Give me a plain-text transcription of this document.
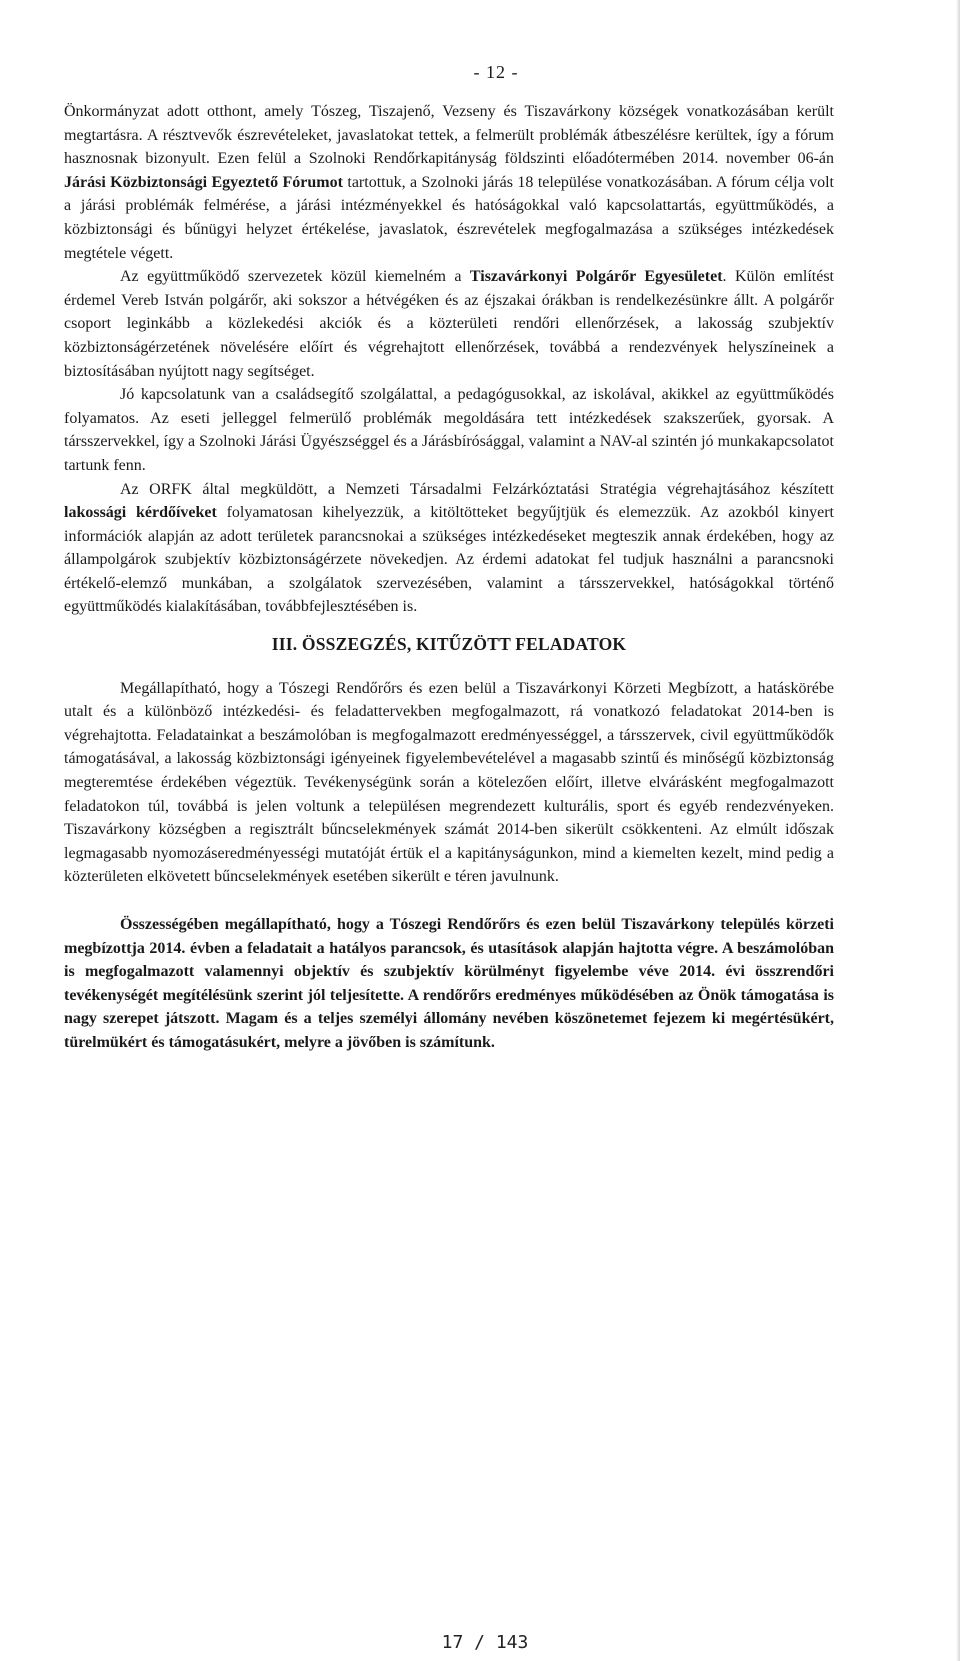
- 12 -

Önkormányzat adott otthont, amely Tószeg, Tiszajenő, Vezseny és Tiszavárkony községek vonatkozásában került megtartásra. A résztvevők észrevételeket, javaslatokat tettek, a felmerült problémák átbeszélésre kerültek, így a fórum hasznosnak bizonyult. Ezen felül a Szolnoki Rendőrkapitányság földszinti előadótermében 2014. november 06-án Járási Közbiztonsági Egyeztető Fórumot tartottuk, a Szolnoki járás 18 települése vonatkozásában. A fórum célja volt a járási problémák felmérése, a járási intézményekkel és hatóságokkal való kapcsolattartás, együttműködés, a közbiztonsági és bűnügyi helyzet értékelése, javaslatok, észrevételek megfogalmazása a szükséges intézkedések megtétele végett.

Az együttműködő szervezetek közül kiemelném a Tiszavárkonyi Polgárőr Egyesületet. Külön említést érdemel Vereb István polgárőr, aki sokszor a hétvégéken és az éjszakai órákban is rendelkezésünkre állt. A polgárőr csoport leginkább a közlekedési akciók és a közterületi rendőri ellenőrzések, a lakosság szubjektív közbiztonságérzetének növelésére előírt és végrehajtott ellenőrzések, továbbá a rendezvények helyszíneinek a biztosításában nyújtott nagy segítséget.

Jó kapcsolatunk van a családsegítő szolgálattal, a pedagógusokkal, az iskolával, akikkel az együttműködés folyamatos. Az eseti jelleggel felmerülő problémák megoldására tett intézkedések szakszerűek, gyorsak. A társszervekkel, így a Szolnoki Járási Ügyészséggel és a Járásbírósággal, valamint a NAV-al szintén jó munkakapcsolatot tartunk fenn.

Az ORFK által megküldött, a Nemzeti Társadalmi Felzárkóztatási Stratégia végrehajtásához készített lakossági kérdőíveket folyamatosan kihelyezzük, a kitöltötteket begyűjtjük és elemezzük. Az azokból kinyert információk alapján az adott területek parancsnokai a szükséges intézkedéseket megteszik annak érdekében, hogy az állampolgárok szubjektív közbiztonságérzete növekedjen. Az érdemi adatokat fel tudjuk használni a parancsnoki értékelő-elemző munkában, a szolgálatok szervezésében, valamint a társszervekkel, hatóságokkal történő együttműködés kialakításában, továbbfejlesztésében is.

III. ÖSSZEGZÉS, KITŰZÖTT FELADATOK

Megállapítható, hogy a Tószegi Rendőrőrs és ezen belül a Tiszavárkonyi Körzeti Megbízott, a hatáskörébe utalt és a különböző intézkedési- és feladattervekben megfogalmazott, rá vonatkozó feladatokat 2014-ben is végrehajtotta. Feladatainkat a beszámolóban is megfogalmazott eredményességgel, a társszervek, civil együttműködők támogatásával, a lakosság közbiztonsági igényeinek figyelembevételével a magasabb szintű és minőségű közbiztonság megteremtése érdekében végeztük. Tevékenységünk során a kötelezően előírt, illetve elvárásként megfogalmazott feladatokon túl, továbbá is jelen voltunk a településen megrendezett kulturális, sport és egyéb rendezvényeken. Tiszavárkony községben a regisztrált bűncselekmények számát 2014-ben sikerült csökkenteni. Az elmúlt időszak legmagasabb nyomozáseredményességi mutatóját értük el a kapitányságunkon, mind a kiemelten kezelt, mind pedig a közterületen elkövetett bűncselekmények esetében sikerült e téren javulnunk.

Összességében megállapítható, hogy a Tószegi Rendőrőrs és ezen belül Tiszavárkony település körzeti megbízottja 2014. évben a feladatait a hatályos parancsok, és utasítások alapján hajtotta végre. A beszámolóban is megfogalmazott valamennyi objektív és szubjektív körülményt figyelembe véve 2014. évi összrendőri tevékenységét megítélésünk szerint jól teljesítette. A rendőrőrs eredményes működésében az Önök támogatása is nagy szerepet játszott. Magam és a teljes személyi állomány nevében köszönetemet fejezem ki megértésükért, türelmükért és támogatásukért, melyre a jövőben is számítunk.

17 / 143
